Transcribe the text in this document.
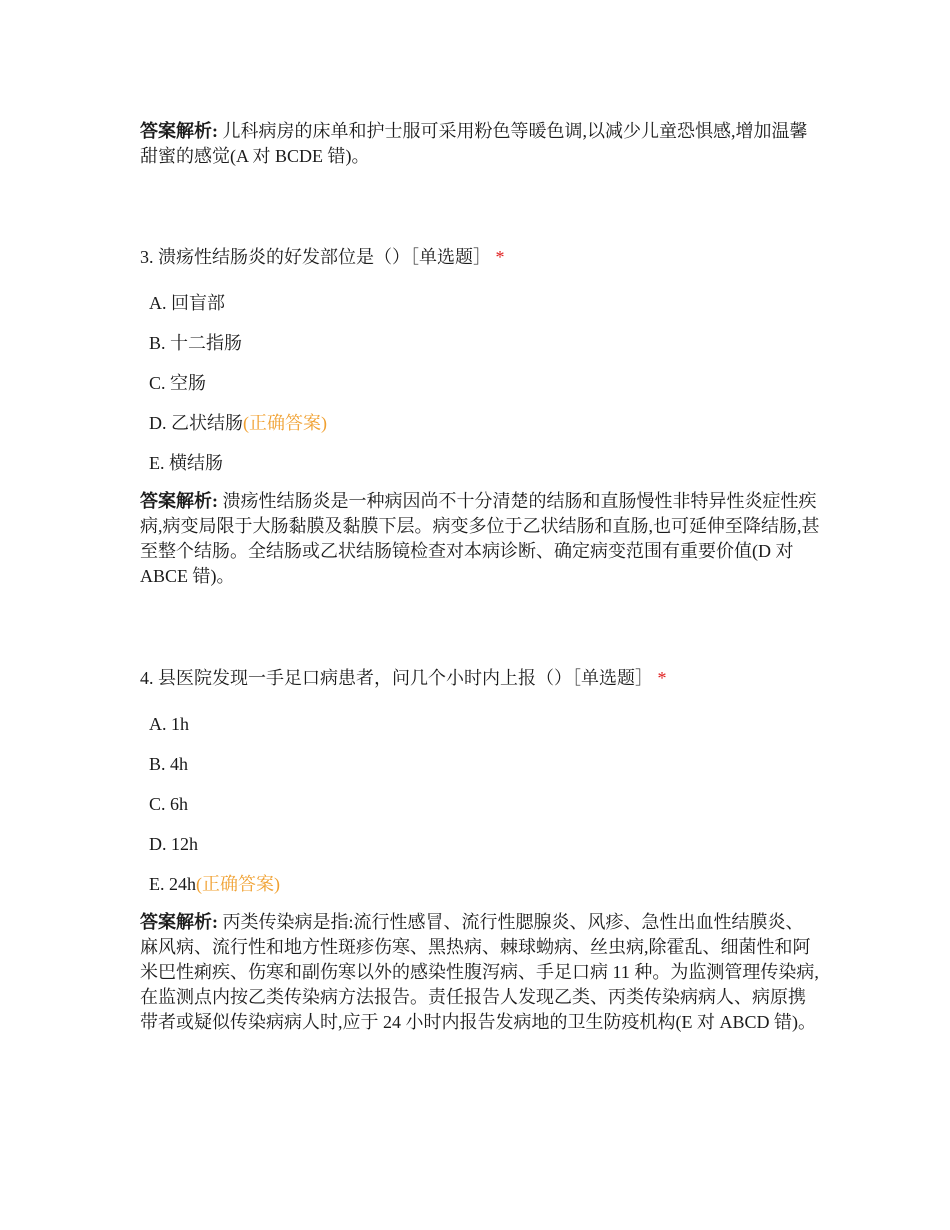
答案解析: 儿科病房的床单和护士服可采用粉色等暖色调,以减少儿童恐惧感,增加温馨甜蜜的感觉(A 对 BCDE 错)。

3. 溃疡性结肠炎的好发部位是（）［单选题］ *

A. 回盲部
B. 十二指肠
C. 空肠
D. 乙状结肠(正确答案)
E. 横结肠

答案解析: 溃疡性结肠炎是一种病因尚不十分清楚的结肠和直肠慢性非特异性炎症性疾病,病变局限于大肠黏膜及黏膜下层。病变多位于乙状结肠和直肠,也可延伸至降结肠,甚至整个结肠。全结肠或乙状结肠镜检查对本病诊断、确定病变范围有重要价值(D 对 ABCE 错)。

4. 县医院发现一手足口病患者，问几个小时内上报（）［单选题］ *

A. 1h
B. 4h
C. 6h
D. 12h
E. 24h(正确答案)

答案解析: 丙类传染病是指:流行性感冒、流行性腮腺炎、风疹、急性出血性结膜炎、麻风病、流行性和地方性斑疹伤寒、黑热病、棘球蚴病、丝虫病,除霍乱、细菌性和阿米巴性痢疾、伤寒和副伤寒以外的感染性腹泻病、手足口病 11 种。为监测管理传染病,在监测点内按乙类传染病方法报告。责任报告人发现乙类、丙类传染病病人、病原携带者或疑似传染病病人时,应于 24 小时内报告发病地的卫生防疫机构(E 对 ABCD 错)。
